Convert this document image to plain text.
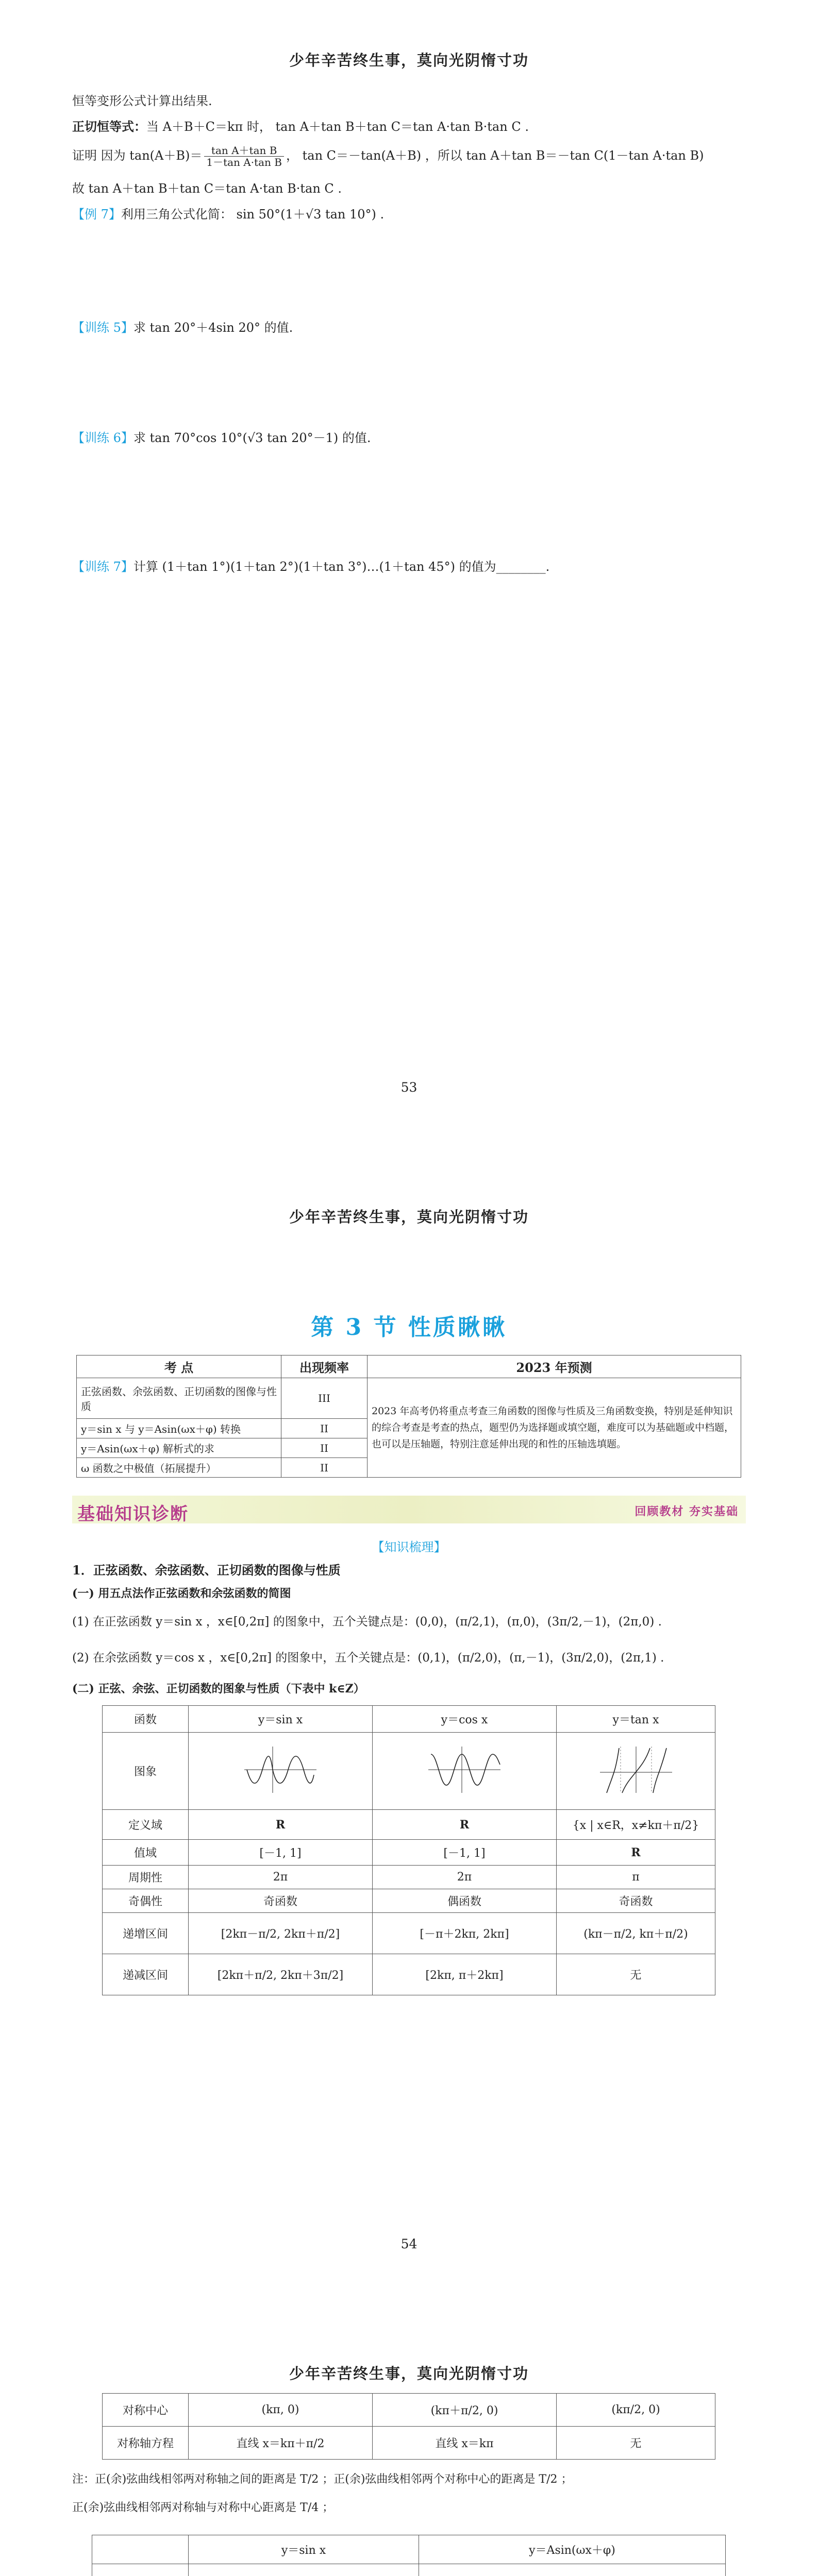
少年辛苦终生事，莫向光阴惰寸功
恒等变形公式计算出结果.
正切恒等式：当 A＋B＋C＝kπ 时， tan A＋tan B＋tan C＝tan A·tan B·tan C .
证明 因为 $\tan(A+B)= \frac{\text{tan A＋tan B}}{\text{1－tan A·tan B}}$ ， tan C＝－tan(A＋B) ，所以 tan A＋tan B＝－tan C(1－tan A·tan B)
故 tan A＋tan B＋tan C＝tan A·tan B·tan C .
【例 7】利用三角公式化简： sin 50°(1＋√3 tan 10°) .
【训练 5】求 tan 20°＋4sin 20° 的值.
【训练 6】求 tan 70°cos 10°(√3 tan 20°－1) 的值.
【训练 7】计算 (1＋tan 1°)(1＋tan 2°)(1＋tan 3°)…(1＋tan 45°) 的值为________.
53
少年辛苦终生事，莫向光阴惰寸功
第 3 节 性质瞅瞅
考 点	出现频率	2023 年预测
正弦函数、余弦函数、正切函数的图像与性质	III	2023 年高考仍将重点考查三角函数的图像与性质及三角函数变换，特别是延伸知识的综合考查是考查的热点，题型仍为选择题或填空题，难度可以为基础题或中档题，也可以是压轴题，特别注意延伸出现的和性的压轴选填题。
y＝sin x 与 y＝Asin(ωx＋φ) 转换	II	
y＝Asin(ωx＋φ) 解析式的求	II	
ω 函数之中极值（拓展提升）	II	
基础知识诊断	回顾教材 夯实基础
【知识梳理】
1．正弦函数、余弦函数、正切函数的图像与性质
(一) 用五点法作正弦函数和余弦函数的简图
(1) 在正弦函数 y＝sin x ，x∈[0,2π] 的图象中，五个关键点是：(0,0)，(π/2,1)，(π,0)，(3π/2,－1)，(2π,0) .
(2) 在余弦函数 y＝cos x ，x∈[0,2π] 的图象中，五个关键点是：(0,1)，(π/2,0)，(π,－1)，(3π/2,0)，(2π,1) .
(二) 正弦、余弦、正切函数的图象与性质（下表中 k∈Z）
函数	y＝sin x	y＝cos x	y＝tan x
图象			
定义域	R	R	{x | x∈R，x≠kπ＋π/2}
值域	[－1, 1]	[－1, 1]	R
周期性	2π	2π	π
奇偶性	奇函数	偶函数	奇函数
递增区间	[2kπ－π/2, 2kπ＋π/2]	[－π＋2kπ, 2kπ]	(kπ－π/2, kπ＋π/2)
递减区间	[2kπ＋π/2, 2kπ＋3π/2]	[2kπ, π＋2kπ]	无
54
少年辛苦终生事，莫向光阴惰寸功
对称中心	(kπ, 0)	(kπ＋π/2, 0)	(kπ/2, 0)
对称轴方程	直线 x＝kπ＋π/2	直线 x＝kπ	无
注：正(余)弦曲线相邻两对称轴之间的距离是 T/2 ；正(余)弦曲线相邻两个对称中心的距离是 T/2 ；
正(余)弦曲线相邻两对称轴与对称中心距离是 T/4 ；
	y＝sin x	y＝Asin(ωx＋φ)
